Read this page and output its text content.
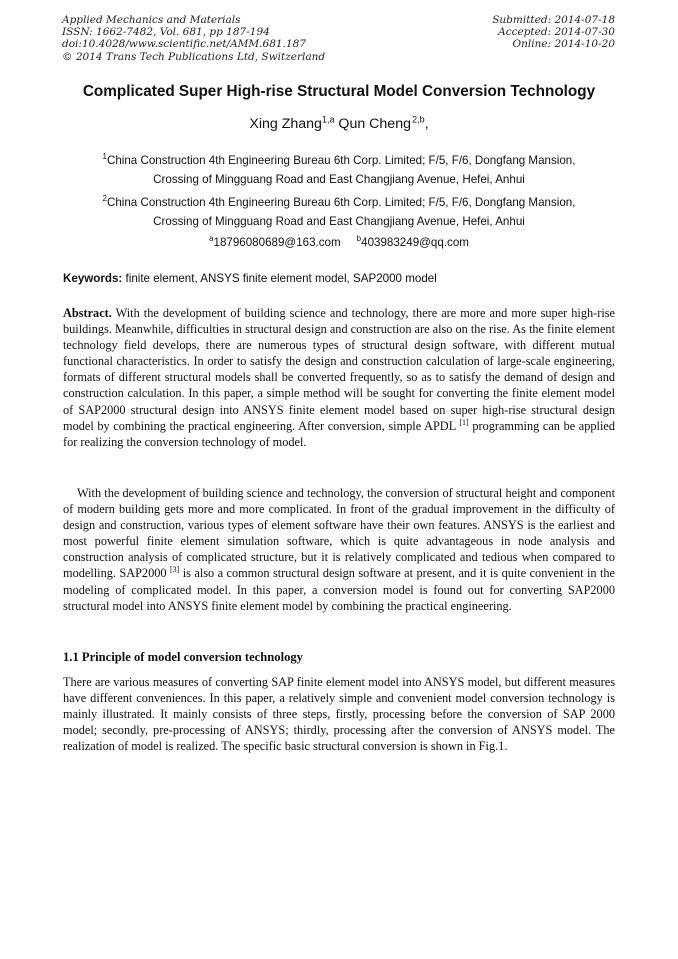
Applied Mechanics and Materials
ISSN: 1662-7482, Vol. 681, pp 187-194
doi:10.4028/www.scientific.net/AMM.681.187
© 2014 Trans Tech Publications Ltd, Switzerland
Submitted: 2014-07-18
Accepted: 2014-07-30
Online: 2014-10-20
Complicated Super High-rise Structural Model Conversion Technology
Xing Zhang$^{1,a}$ Qun Cheng $^{2,b}$,
$^1$China Construction 4th Engineering Bureau 6th Corp. Limited; F/5, F/6, Dongfang Mansion,
Crossing of Mingguang Road and East Changjiang Avenue, Hefei, Anhui
$^2$China Construction 4th Engineering Bureau 6th Corp. Limited; F/5, F/6, Dongfang Mansion,
Crossing of Mingguang Road and East Changjiang Avenue, Hefei, Anhui
$^a$18796080689@163.com $^b$403983249@qq.com
Keywords: finite element, ANSYS finite element model, SAP2000 model
Abstract. With the development of building science and technology, there are more and more super high-rise buildings. Meanwhile, difficulties in structural design and construction are also on the rise. As the finite element technology field develops, there are numerous types of structural design software, with different mutual functional characteristics. In order to satisfy the design and construction calculation of large-scale engineering, formats of different structural models shall be converted frequently, so as to satisfy the demand of design and construction calculation. In this paper, a simple method will be sought for converting the finite element model of SAP2000 structural design into ANSYS finite element model based on super high-rise structural design model by combining the practical engineering. After conversion, simple APDL [1] programming can be applied for realizing the conversion technology of model.
With the development of building science and technology, the conversion of structural height and component of modern building gets more and more complicated. In front of the gradual improvement in the difficulty of design and construction, various types of element software have their own features. ANSYS is the earliest and most powerful finite element simulation software, which is quite advantageous in node analysis and construction analysis of complicated structure, but it is relatively complicated and tedious when compared to modelling. SAP2000 [3] is also a common structural design software at present, and it is quite convenient in the modeling of complicated model. In this paper, a conversion model is found out for converting SAP2000 structural model into ANSYS finite element model by combining the practical engineering.
1.1 Principle of model conversion technology
There are various measures of converting SAP finite element model into ANSYS model, but different measures have different conveniences. In this paper, a relatively simple and convenient model conversion technology is mainly illustrated. It mainly consists of three steps, firstly, processing before the conversion of SAP 2000 model; secondly, pre-processing of ANSYS; thirdly, processing after the conversion of ANSYS model. The realization of model is realized. The specific basic structural conversion is shown in Fig.1.
